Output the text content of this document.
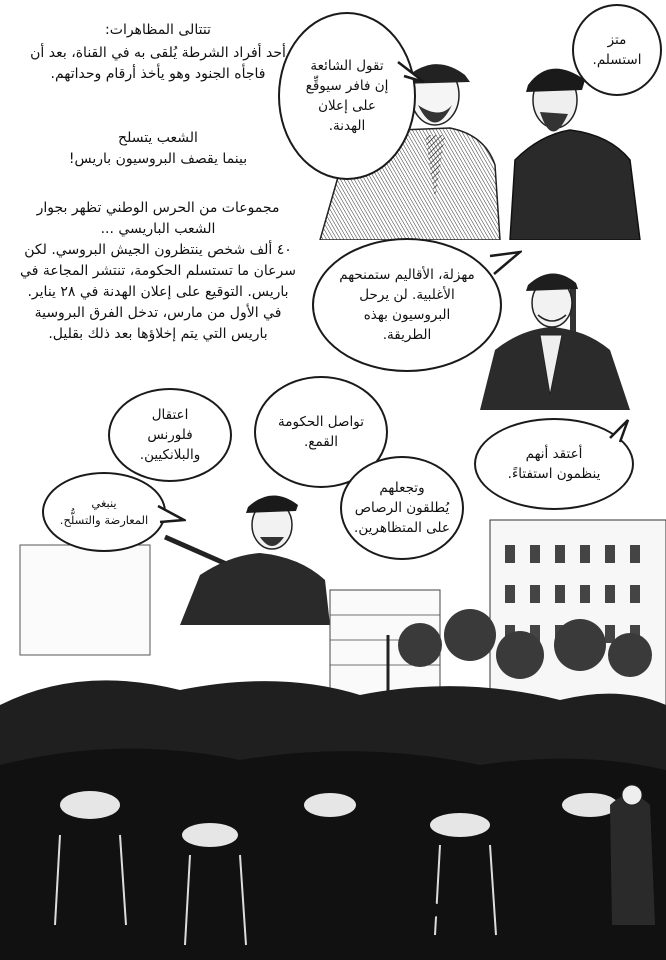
تتتالى المظاهرات:

أحد أفراد الشرطة يُلقى به في القناة، بعد أن

فاجأه الجنود وهو يأخذ أرقام وحداتهم.

الشعب يتسلح

بينما يقصف البروسيون باريس!

مجموعات من الحرس الوطني تظهر بجوار

الشعب الباريسي ...

٤٠ ألف شخص ينتظرون الجيش البروسي. لكن

سرعان ما تستسلم الحكومة، تنتشر المجاعة في

باريس. التوقيع على إعلان الهدنة في ٢٨ يناير.

في الأول من مارس، تدخل الفرق البروسية

باريس التي يتم إخلاؤها بعد ذلك بقليل.

متز
استسلم.
تقول الشائعة
إن فافر سيوقِّع
على إعلان
الهدنة.
مهزلة، الأقاليم ستمنحهم
الأغلبية. لن يرحل
البروسيون بهذه
الطريقة.
اعتقال
فلورنس
والبلانكيين.
تواصل الحكومة
القمع.
أعتقد أنهم
ينظمون استفتاءً.
وتجعلهم
يُطلقون الرصاص
على المتظاهرين.
ينبغي
المعارضة والتسلُّح.
